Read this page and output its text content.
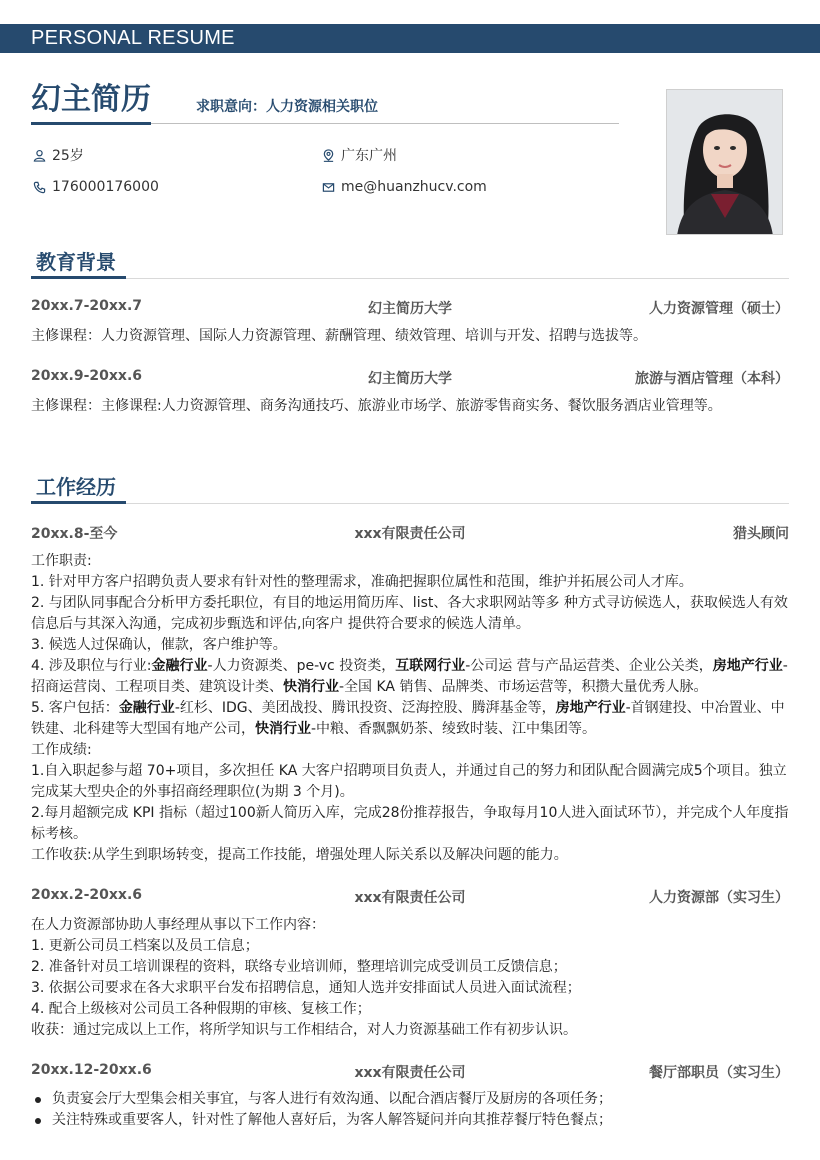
PERSONAL RESUME
幻主简历	求职意向：人力资源相关职位
25岁	广东广州
176000176000	me@huanzhucv.com
教育背景
20xx.7-20xx.7	幻主简历大学	人力资源管理（硕士）
主修课程：人力资源管理、国际人力资源管理、薪酬管理、绩效管理、培训与开发、招聘与选拔等。
20xx.9-20xx.6	幻主简历大学	旅游与酒店管理（本科）
主修课程：主修课程:人力资源管理、商务沟通技巧、旅游业市场学、旅游零售商实务、餐饮服务酒店业管理等。
工作经历
20xx.8-至今	xxx有限责任公司	猎头顾问
工作职责:
1. 针对甲方客户招聘负责人要求有针对性的整理需求，准确把握职位属性和范围，维护并拓展公司人才库。
2. 与团队同事配合分析甲方委托职位，有目的地运用简历库、list、各大求职网站等多 种方式寻访候选人，获取候选人有效信息后与其深入沟通，完成初步甄选和评估,向客户 提供符合要求的候选人清单。
3. 候选人过保确认，催款，客户维护等。
4. 涉及职位与行业:金融行业-人力资源类、pe-vc 投资类，互联网行业-公司运 营与产品运营类、企业公关类，房地产行业-招商运营岗、工程项目类、建筑设计类、快消行业-全国 KA 销售、品牌类、市场运营等，积攒大量优秀人脉。
5. 客户包括：金融行业-红杉、IDG、美团战投、腾讯投资、泛海控股、腾湃基金等，房地产行业-首钢建投、中冶置业、中铁建、北科建等大型国有地产公司，快消行业-中粮、香飘飘奶茶、绫致时装、江中集团等。
工作成绩:
1.自入职起参与超 70+项目，多次担任 KA 大客户招聘项目负责人，并通过自己的努力和团队配合圆满完成5个项目。独立完成某大型央企的外事招商经理职位(为期 3 个月)。
2.每月超额完成 KPI 指标（超过100新人简历入库，完成28份推荐报告，争取每月10人进入面试环节），并完成个人年度指标考核。
工作收获:从学生到职场转变，提高工作技能，增强处理人际关系以及解决问题的能力。
20xx.2-20xx.6	xxx有限责任公司	人力资源部（实习生）
在人力资源部协助人事经理从事以下工作内容：
1. 更新公司员工档案以及员工信息；
2. 准备针对员工培训课程的资料，联络专业培训师，整理培训完成受训员工反馈信息；
3. 依据公司要求在各大求职平台发布招聘信息，通知人选并安排面试人员进入面试流程；
4. 配合上级核对公司员工各种假期的审核、复核工作；
收获：通过完成以上工作，将所学知识与工作相结合，对人力资源基础工作有初步认识。
20xx.12-20xx.6	xxx有限责任公司	餐厅部职员（实习生）
负责宴会厅大型集会相关事宜，与客人进行有效沟通、以配合酒店餐厅及厨房的各项任务；
关注特殊或重要客人，针对性了解他人喜好后，为客人解答疑问并向其推荐餐厅特色餐点；
